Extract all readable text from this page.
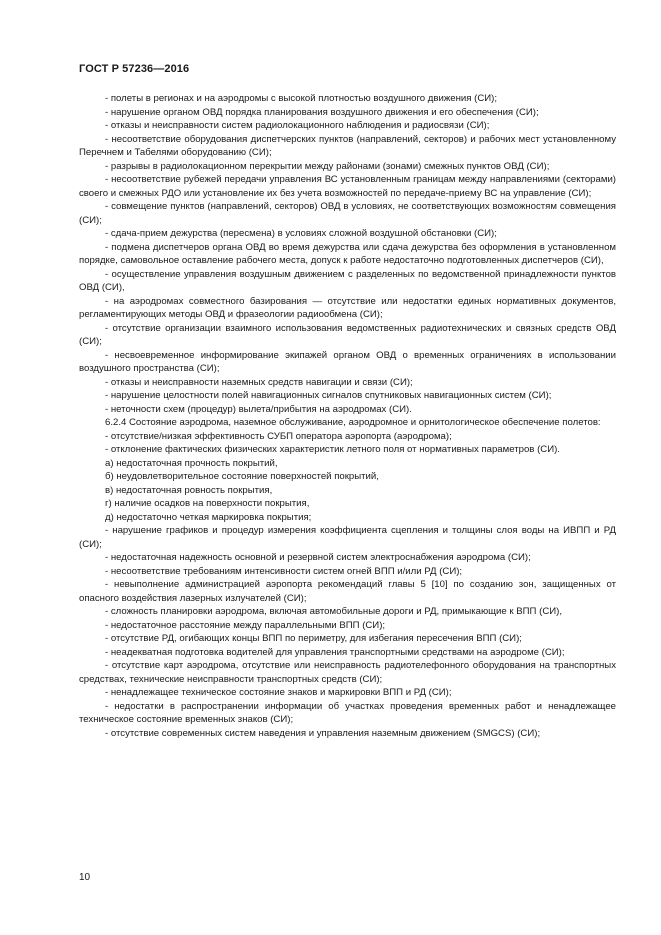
ГОСТ Р 57236—2016

- полеты в регионах и на аэродромы с высокой плотностью воздушного движения (СИ);

- нарушение органом ОВД порядка планирования воздушного движения и его обеспечения (СИ);

- отказы и неисправности систем радиолокационного наблюдения и радиосвязи (СИ);

- несоответствие оборудования диспетчерских пунктов (направлений, секторов) и рабочих мест установленному Перечнем и Табелями оборудованию (СИ);

- разрывы в радиолокационном перекрытии между районами (зонами) смежных пунктов ОВД (СИ);

- несоответствие рубежей передачи управления ВС установленным границам между направлениями (секторами) своего и смежных РДО или установление их без учета возможностей по передаче-приему ВС на управление (СИ);

- совмещение пунктов (направлений, секторов) ОВД в условиях, не соответствующих возможностям совмещения (СИ);

- сдача-прием дежурства (пересмена) в условиях сложной воздушной обстановки (СИ);

- подмена диспетчеров органа ОВД во время дежурства или сдача дежурства без оформления в установленном порядке, самовольное оставление рабочего места, допуск к работе недостаточно подготовленных диспетчеров (СИ),

- осуществление управления воздушным движением с разделенных по ведомственной принадлежности пунктов ОВД (СИ),

- на аэродромах совместного базирования — отсутствие или недостатки единых нормативных документов, регламентирующих методы ОВД и фразеологии радиообмена (СИ);

- отсутствие организации взаимного использования ведомственных радиотехнических и связных средств ОВД (СИ);

- несвоевременное информирование экипажей органом ОВД о временных ограничениях в использовании воздушного пространства (СИ);

- отказы и неисправности наземных средств навигации и связи (СИ);

- нарушение целостности полей навигационных сигналов спутниковых навигационных систем (СИ);

- неточности схем (процедур) вылета/прибытия на аэродромах (СИ).

6.2.4 Состояние аэродрома, наземное обслуживание, аэродромное и орнитологическое обеспечение полетов:

- отсутствие/низкая эффективность СУБП оператора аэропорта (аэродрома);

- отклонение фактических физических характеристик летного поля от нормативных параметров (СИ).

а) недостаточная прочность покрытий,

б) неудовлетворительное состояние поверхностей покрытий,

в) недостаточная ровность покрытия,

г) наличие осадков на поверхности покрытия,

д) недостаточно четкая маркировка покрытия;

- нарушение графиков и процедур измерения коэффициента сцепления и толщины слоя воды на ИВПП и РД (СИ);

- недостаточная надежность основной и резервной систем электроснабжения аэродрома (СИ);

- несоответствие требованиям интенсивности систем огней ВПП и/или РД (СИ);

- невыполнение администрацией аэропорта рекомендаций главы 5 [10] по созданию зон, защищенных от опасного воздействия лазерных излучателей (СИ);

- сложность планировки аэродрома, включая автомобильные дороги и РД, примыкающие к ВПП (СИ),

- недостаточное расстояние между параллельными ВПП (СИ);

- отсутствие РД, огибающих концы ВПП по периметру, для избегания пересечения ВПП (СИ);

- неадекватная подготовка водителей для управления транспортными средствами на аэродроме (СИ);

- отсутствие карт аэродрома, отсутствие или неисправность радиотелефонного оборудования на транспортных средствах, технические неисправности транспортных средств (СИ);

- ненадлежащее техническое состояние знаков и маркировки ВПП и РД (СИ);

- недостатки в распространении информации об участках проведения временных работ и ненадлежащее техническое состояние временных знаков (СИ);

- отсутствие современных систем наведения и управления наземным движением (SMGCS) (СИ);

10
